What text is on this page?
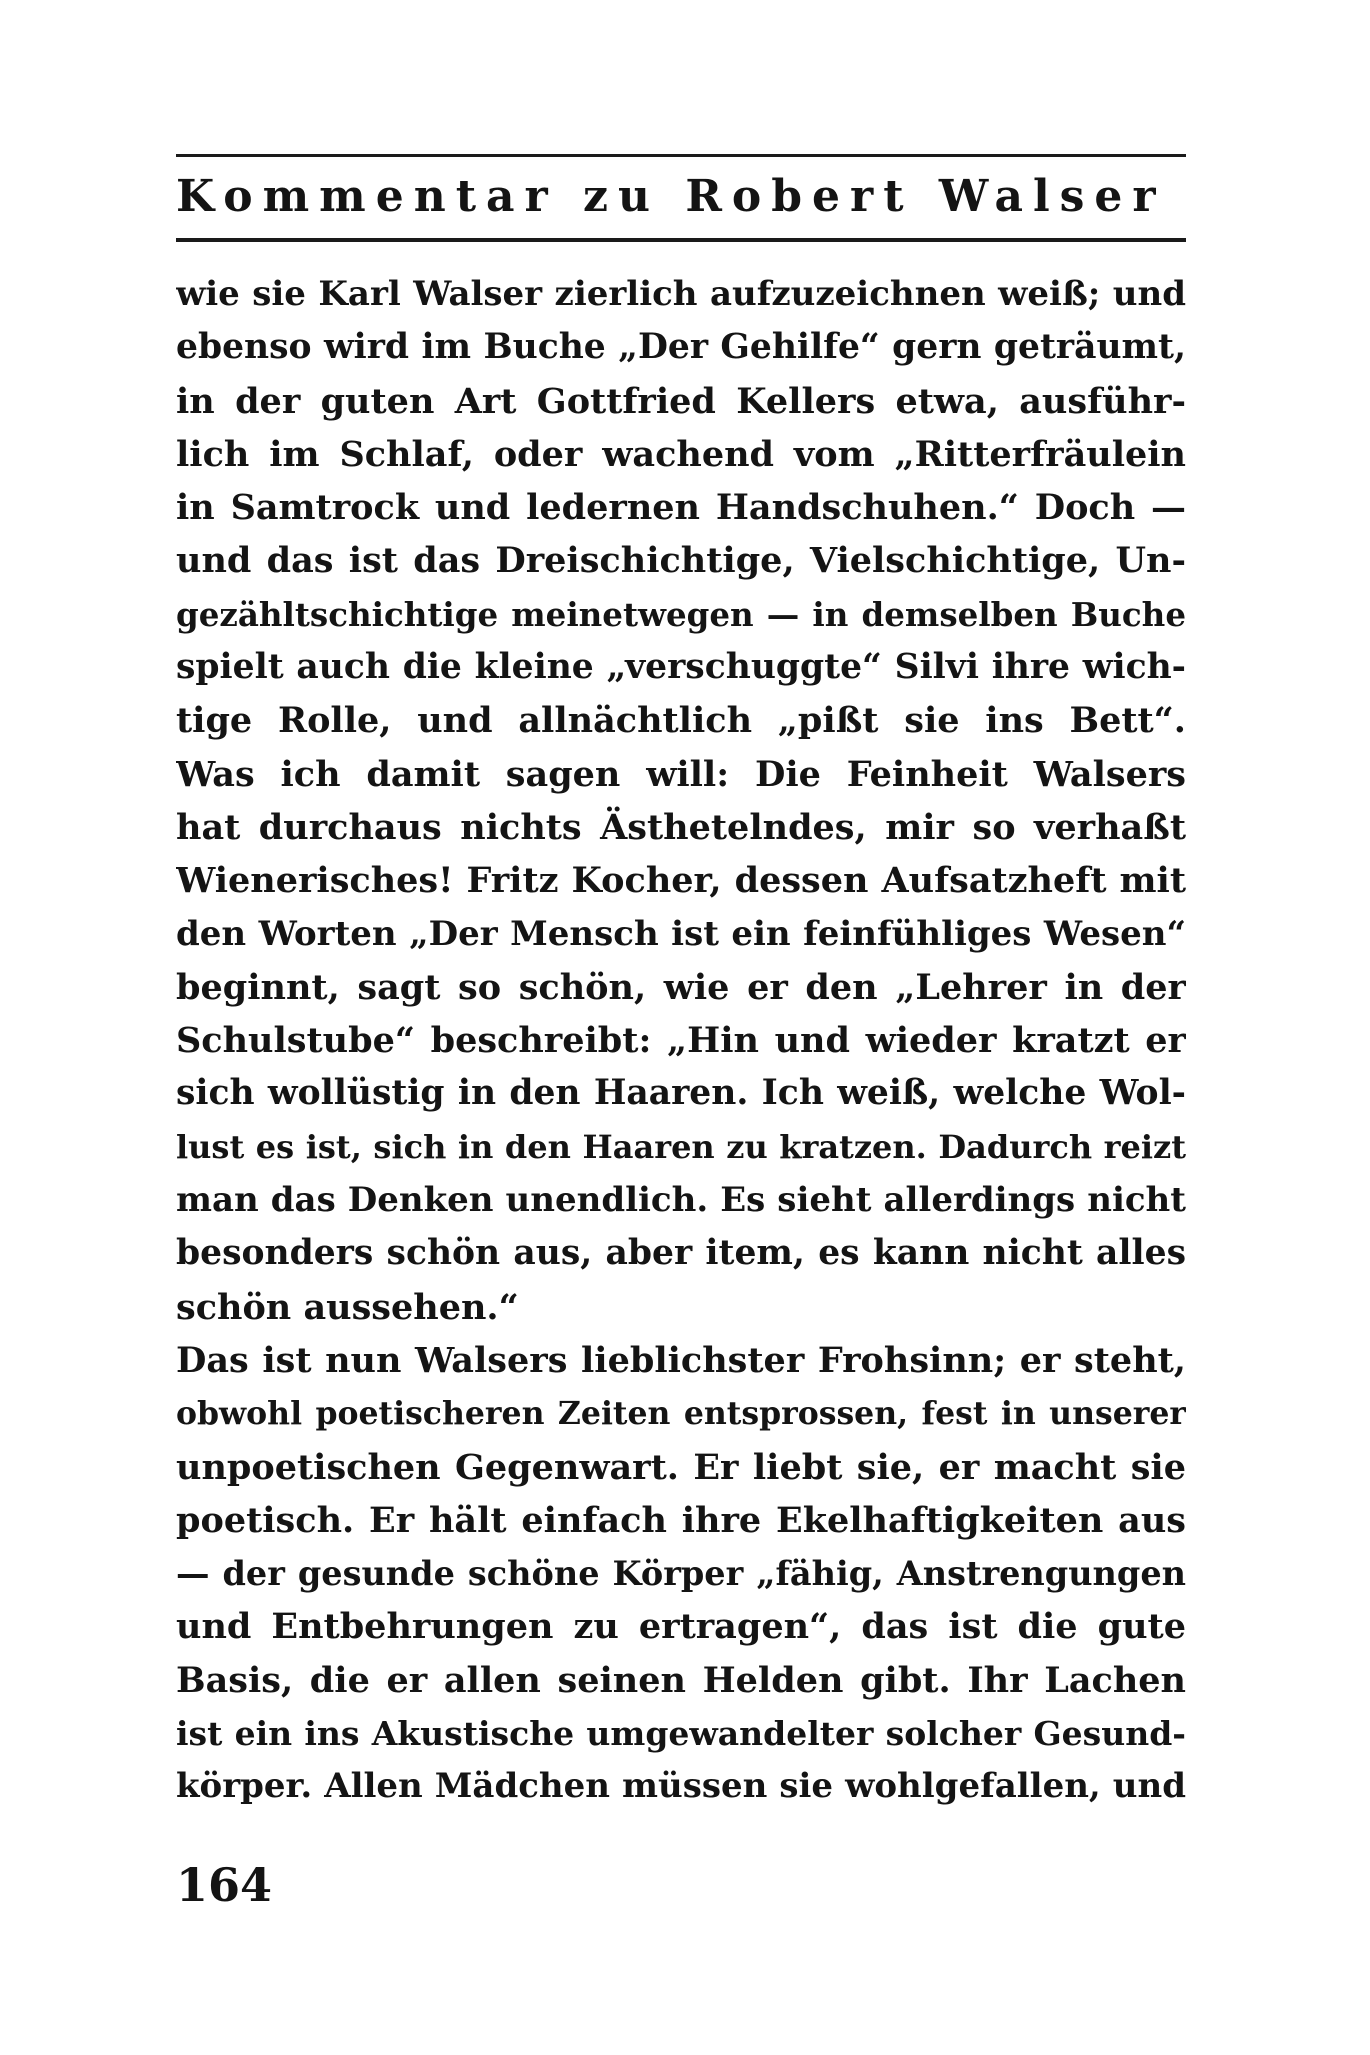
Kommentar zu Robert Walser
wie sie Karl Walser zierlich aufzuzeichnen weiß; und
ebenso wird im Buche „Der Gehilfe“ gern geträumt,
in der guten Art Gottfried Kellers etwa, ausführ-
lich im Schlaf, oder wachend vom „Ritterfräulein
in Samtrock und ledernen Handschuhen.“ Doch —
und das ist das Dreischichtige, Vielschichtige, Un-
gezähltschichtige meinetwegen — in demselben Buche
spielt auch die kleine „verschuggte“ Silvi ihre wich-
tige Rolle, und allnächtlich „pißt sie ins Bett“.
Was ich damit sagen will: Die Feinheit Walsers
hat durchaus nichts Ästhetelndes, mir so verhaßt
Wienerisches! Fritz Kocher, dessen Aufsatzheft mit
den Worten „Der Mensch ist ein feinfühliges Wesen“
beginnt, sagt so schön, wie er den „Lehrer in der
Schulstube“ beschreibt: „Hin und wieder kratzt er
sich wollüstig in den Haaren. Ich weiß, welche Wol-
lust es ist, sich in den Haaren zu kratzen. Dadurch reizt
man das Denken unendlich. Es sieht allerdings nicht
besonders schön aus, aber item, es kann nicht alles
schön aussehen.“
Das ist nun Walsers lieblichster Frohsinn; er steht,
obwohl poetischeren Zeiten entsprossen, fest in unserer
unpoetischen Gegenwart. Er liebt sie, er macht sie
poetisch. Er hält einfach ihre Ekelhaftigkeiten aus
— der gesunde schöne Körper „fähig, Anstrengungen
und Entbehrungen zu ertragen“, das ist die gute
Basis, die er allen seinen Helden gibt. Ihr Lachen
ist ein ins Akustische umgewandelter solcher Gesund-
körper. Allen Mädchen müssen sie wohlgefallen, und
164
